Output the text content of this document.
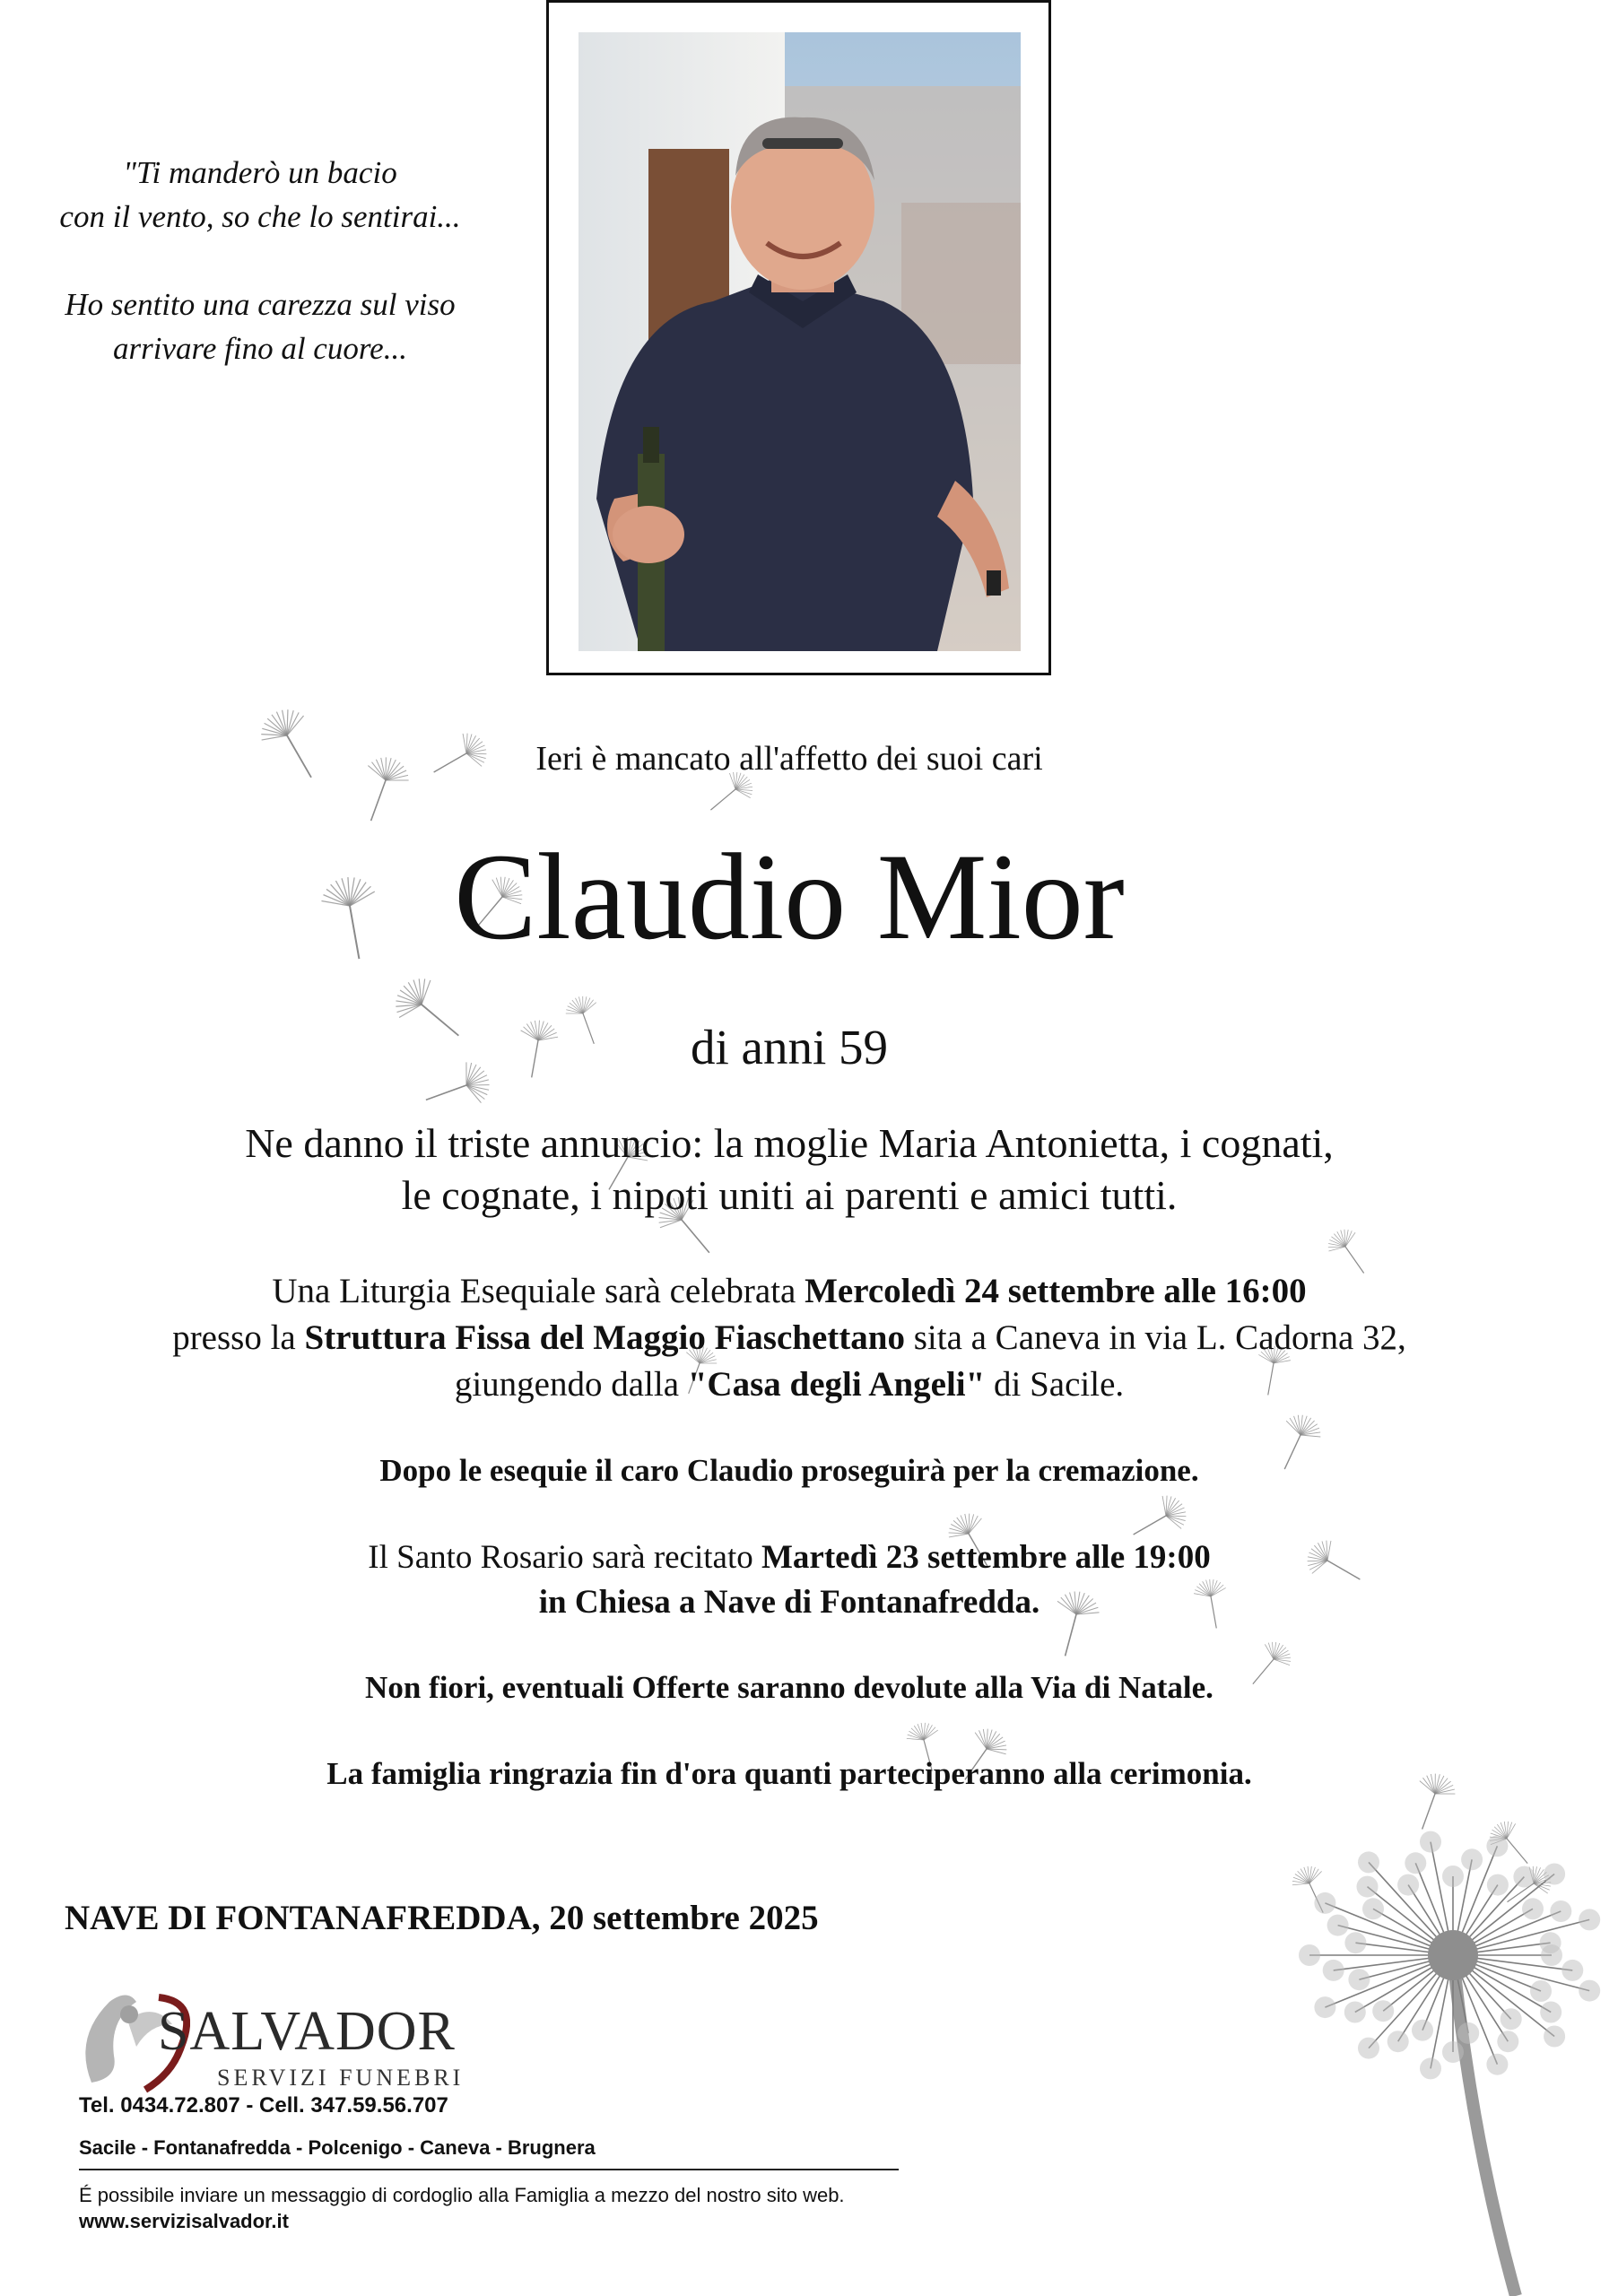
"Ti manderò un bacio
con il vento, so che lo sentirai...
Ho sentito una carezza sul viso
arrivare fino al cuore...
Ieri è mancato all'affetto dei suoi cari
Claudio Mior
di anni 59
Ne danno il triste annuncio: la moglie Maria Antonietta, i cognati,
le cognate, i nipoti uniti ai parenti e amici tutti.
Una Liturgia Esequiale sarà celebrata Mercoledì 24 settembre alle 16:00
presso la Struttura Fissa del Maggio Fiaschettano sita a Caneva in via L. Cadorna 32,
giungendo dalla "Casa degli Angeli" di Sacile.
Dopo le esequie il caro Claudio proseguirà per la cremazione.
Il Santo Rosario sarà recitato Martedì 23 settembre alle 19:00
in Chiesa a Nave di Fontanafredda.
Non fiori, eventuali Offerte saranno devolute alla Via di Natale.
La famiglia ringrazia fin d'ora quanti parteciperanno alla cerimonia.
NAVE DI FONTANAFREDDA, 20 settembre 2025
SALVADOR
SERVIZI FUNEBRI
Tel. 0434.72.807 - Cell. 347.59.56.707
Sacile - Fontanafredda - Polcenigo - Caneva - Brugnera
É possibile inviare un messaggio di cordoglio alla Famiglia a mezzo del nostro sito web.
www.servizisalvador.it
